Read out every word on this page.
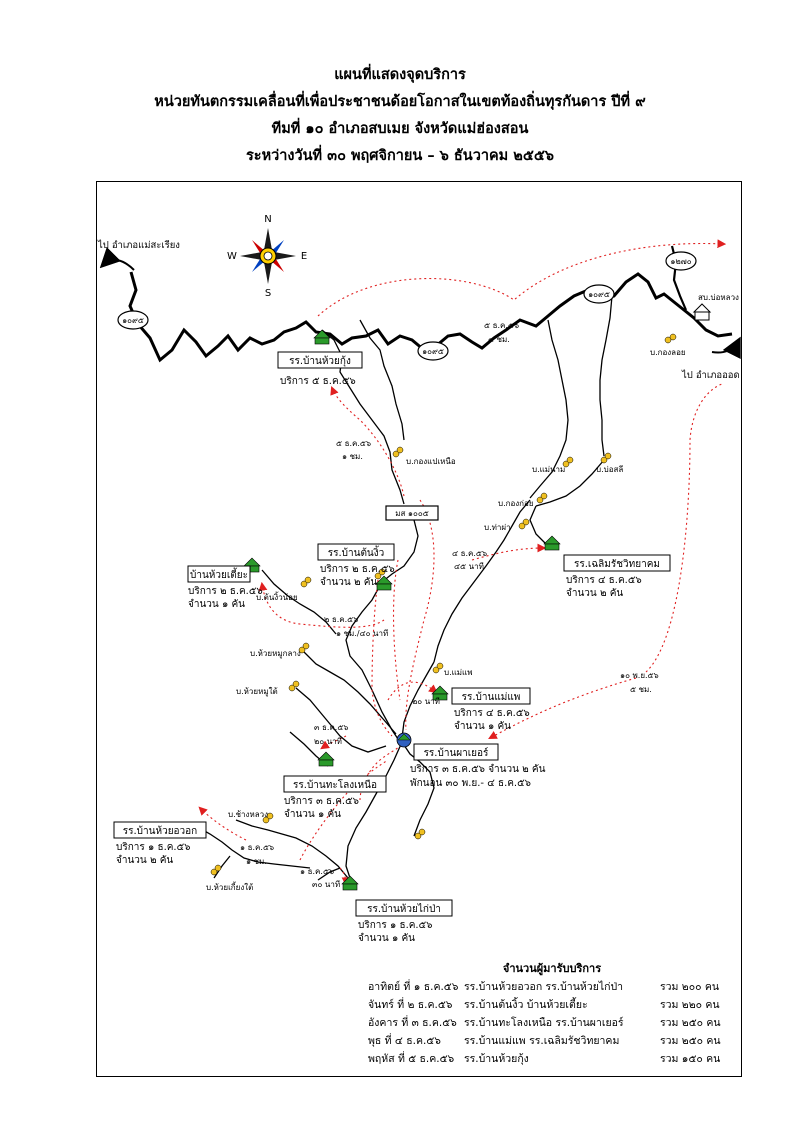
แผนที่แสดงจุดบริการ

หน่วยทันตกรรมเคลื่อนที่เพื่อประชาชนด้อยโอกาสในเขตท้องถิ่นทุรกันดาร ปีที่ ๙

ทีมที่ ๑๐ อำเภอสบเมย จังหวัดแม่ฮ่องสอน

ระหว่างวันที่ ๓๐ พฤศจิกายน – ๖ ธันวาคม ๒๕๕๖

N
S
W	E
๑๐๙๕
๑๐๙๕
๑๐๙๕
๑๒๗๐
มส ๑๐๐๕
ไป อำเภอแม่สะเรียง
ไป อำเภอออด
สบ.บ่อหลวง
บ.กองลอย
บ.กองแปเหนือ
บ.แม่นาม	บ.บ่อสลี
บ.กองก่อย
บ.ท่าผ่า
บ.ต้นงิ้วน้อย
บ.ห้วยหมูกลาง
บ.ห้วยหมูใต้
บ.แม่แพ
บ.ช้างหลวง
บ.ห้วยเกี้ยงใต้
๕ ธ.ค.๕๖
๔ ชม.
๕ ธ.ค.๕๖
๑ ชม.
๔ ธ.ค.๕๖
๔๕ นาที
๒ ธ.ค.๕๖
๑ ชม./๔๐ นาที
๒๐ นาที
๓ ธ.ค.๕๖
๒๐ นาที
๑ ธ.ค.๕๖
๑ ชม.
๑ ธ.ค.๕๖
๓๐ นาที
๑๐ พ.ย.๕๖
๕ ชม.
รร.บ้านห้วยกุ้ง
บริการ ๕ ธ.ค.๕๖
รร.บ้านต้นงิ้ว
บริการ ๒ ธ.ค.๕๖
จำนวน ๒ คัน
บ้านห้วยเตี้ยะ
บริการ ๒ ธ.ค.๕๖
จำนวน ๑ คัน
รร.เฉลิมรัชวิทยาคม
บริการ ๔ ธ.ค.๕๖
จำนวน ๒ คัน
รร.บ้านแม่แพ
บริการ ๔ ธ.ค.๕๖
จำนวน ๑ คัน
รร.บ้านผาเยอร์
บริการ ๓ ธ.ค.๕๖ จำนวน ๒ คัน
พักนอน ๓๐ พ.ย.- ๔ ธ.ค.๕๖
รร.บ้านทะโลงเหนือ
บริการ ๓ ธ.ค.๕๖
จำนวน ๑ คัน
รร.บ้านห้วยอวอก
บริการ ๑ ธ.ค.๕๖
จำนวน ๒ คัน
รร.บ้านห้วยไก่ป่า
บริการ ๑ ธ.ค.๕๖
จำนวน ๑ คัน
จำนวนผู้มารับบริการ
อาทิตย์ ที่ ๑ ธ.ค.๕๖ รร.บ้านห้วยอวอก รร.บ้านห้วยไก่ป่า	รวม ๒๐๐ คน
จันทร์ ที่ ๒ ธ.ค.๕๖ รร.บ้านต้นงิ้ว บ้านห้วยเตี้ยะ	รวม ๒๒๐ คน
อังคาร ที่ ๓ ธ.ค.๕๖ รร.บ้านทะโลงเหนือ รร.บ้านผาเยอร์	รวม ๒๕๐ คน
พุธ ที่ ๔ ธ.ค.๕๖ รร.บ้านแม่แพ รร.เฉลิมรัชวิทยาคม	รวม ๒๕๐ คน
พฤหัส ที่ ๕ ธ.ค.๕๖ รร.บ้านห้วยกุ้ง	รวม ๑๕๐ คน
